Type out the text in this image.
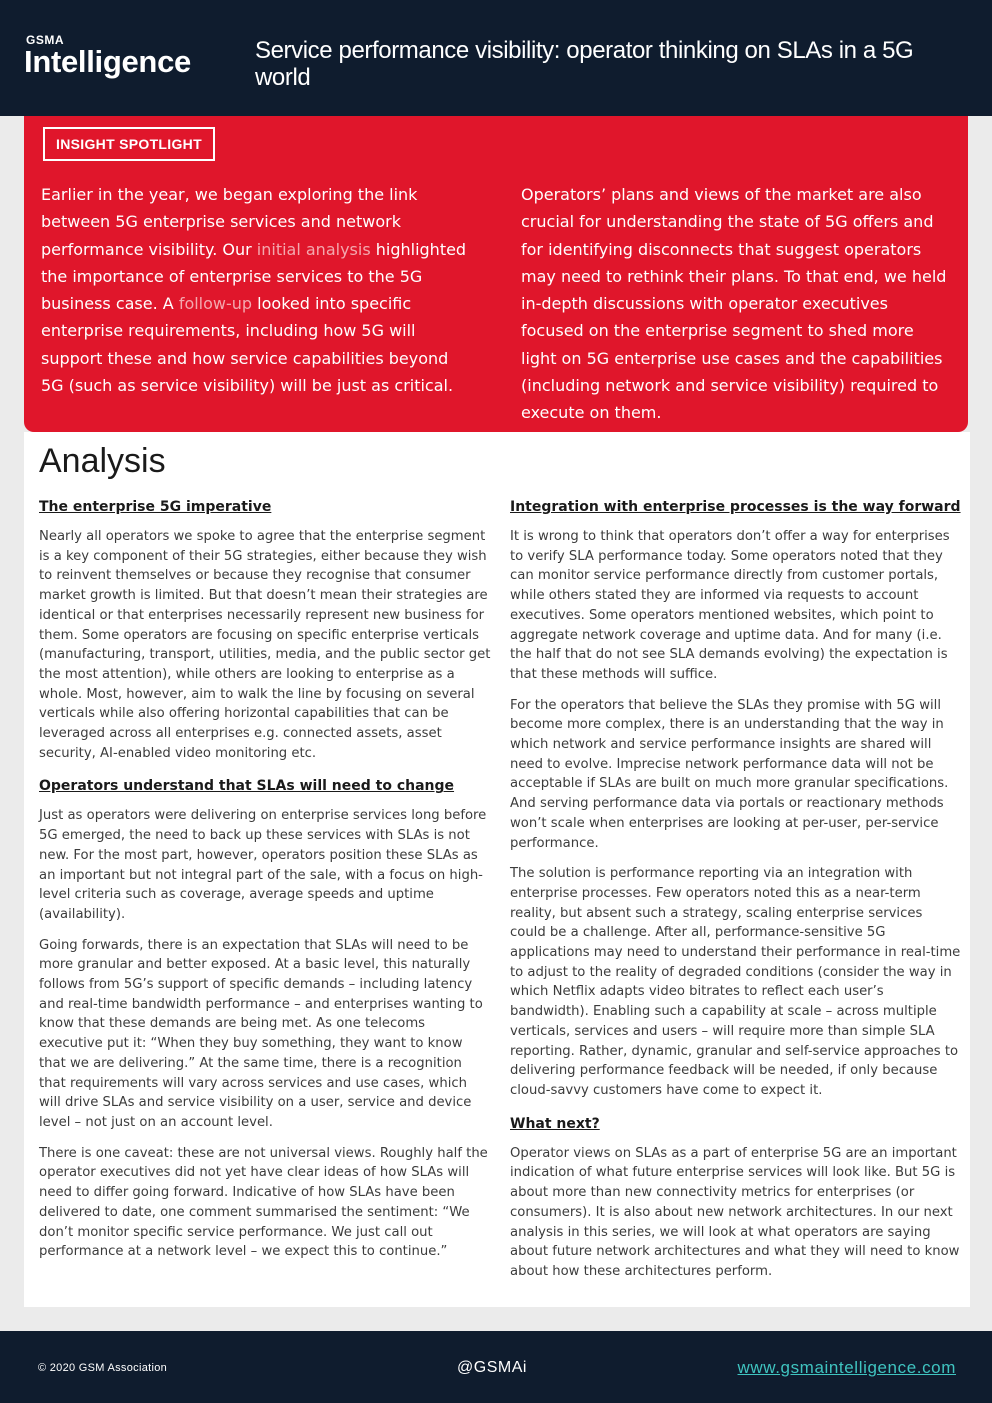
GSMA
Intelligence	Service performance visibility: operator thinking on SLAs in a 5G world
INSIGHT SPOTLIGHT
Earlier in the year, we began exploring the link between 5G enterprise services and network performance visibility. Our initial analysis highlighted the importance of enterprise services to the 5G business case. A follow-up looked into specific enterprise requirements, including how 5G will support these and how service capabilities beyond 5G (such as service visibility) will be just as critical.
Operators’ plans and views of the market are also crucial for understanding the state of 5G offers and for identifying disconnects that suggest operators may need to rethink their plans. To that end, we held in-depth discussions with operator executives focused on the enterprise segment to shed more light on 5G enterprise use cases and the capabilities (including network and service visibility) required to execute on them.
Analysis
The enterprise 5G imperative

Nearly all operators we spoke to agree that the enterprise segment is a key component of their 5G strategies, either because they wish to reinvent themselves or because they recognise that consumer market growth is limited. But that doesn’t mean their strategies are identical or that enterprises necessarily represent new business for them. Some operators are focusing on specific enterprise verticals (manufacturing, transport, utilities, media, and the public sector get the most attention), while others are looking to enterprise as a whole. Most, however, aim to walk the line by focusing on several verticals while also offering horizontal capabilities that can be leveraged across all enterprises e.g. connected assets, asset security, AI-enabled video monitoring etc.

Operators understand that SLAs will need to change

Just as operators were delivering on enterprise services long before 5G emerged, the need to back up these services with SLAs is not new. For the most part, however, operators position these SLAs as an important but not integral part of the sale, with a focus on high-level criteria such as coverage, average speeds and uptime (availability).

Going forwards, there is an expectation that SLAs will need to be more granular and better exposed. At a basic level, this naturally follows from 5G’s support of specific demands – including latency and real-time bandwidth performance – and enterprises wanting to know that these demands are being met. As one telecoms executive put it: “When they buy something, they want to know that we are delivering.” At the same time, there is a recognition that requirements will vary across services and use cases, which will drive SLAs and service visibility on a user, service and device level – not just on an account level.

There is one caveat: these are not universal views. Roughly half the operator executives did not yet have clear ideas of how SLAs will need to differ going forward. Indicative of how SLAs have been delivered to date, one comment summarised the sentiment: “We don’t monitor specific service performance. We just call out performance at a network level – we expect this to continue.”

Integration with enterprise processes is the way forward

It is wrong to think that operators don’t offer a way for enterprises to verify SLA performance today. Some operators noted that they can monitor service performance directly from customer portals, while others stated they are informed via requests to account executives. Some operators mentioned websites, which point to aggregate network coverage and uptime data. And for many (i.e. the half that do not see SLA demands evolving) the expectation is that these methods will suffice.

For the operators that believe the SLAs they promise with 5G will become more complex, there is an understanding that the way in which network and service performance insights are shared will need to evolve. Imprecise network performance data will not be acceptable if SLAs are built on much more granular specifications. And serving performance data via portals or reactionary methods won’t scale when enterprises are looking at per-user, per-service performance.

The solution is performance reporting via an integration with enterprise processes. Few operators noted this as a near-term reality, but absent such a strategy, scaling enterprise services could be a challenge. After all, performance-sensitive 5G applications may need to understand their performance in real-time to adjust to the reality of degraded conditions (consider the way in which Netflix adapts video bitrates to reflect each user’s bandwidth). Enabling such a capability at scale – across multiple verticals, services and users – will require more than simple SLA reporting. Rather, dynamic, granular and self-service approaches to delivering performance feedback will be needed, if only because cloud-savvy customers have come to expect it.

What next?

Operator views on SLAs as a part of enterprise 5G are an important indication of what future enterprise services will look like. But 5G is about more than new connectivity metrics for enterprises (or consumers). It is also about new network architectures. In our next analysis in this series, we will look at what operators are saying about future network architectures and what they will need to know about how these architectures perform.

© 2020 GSM Association	@GSMAi	www.gsmaintelligence.com
